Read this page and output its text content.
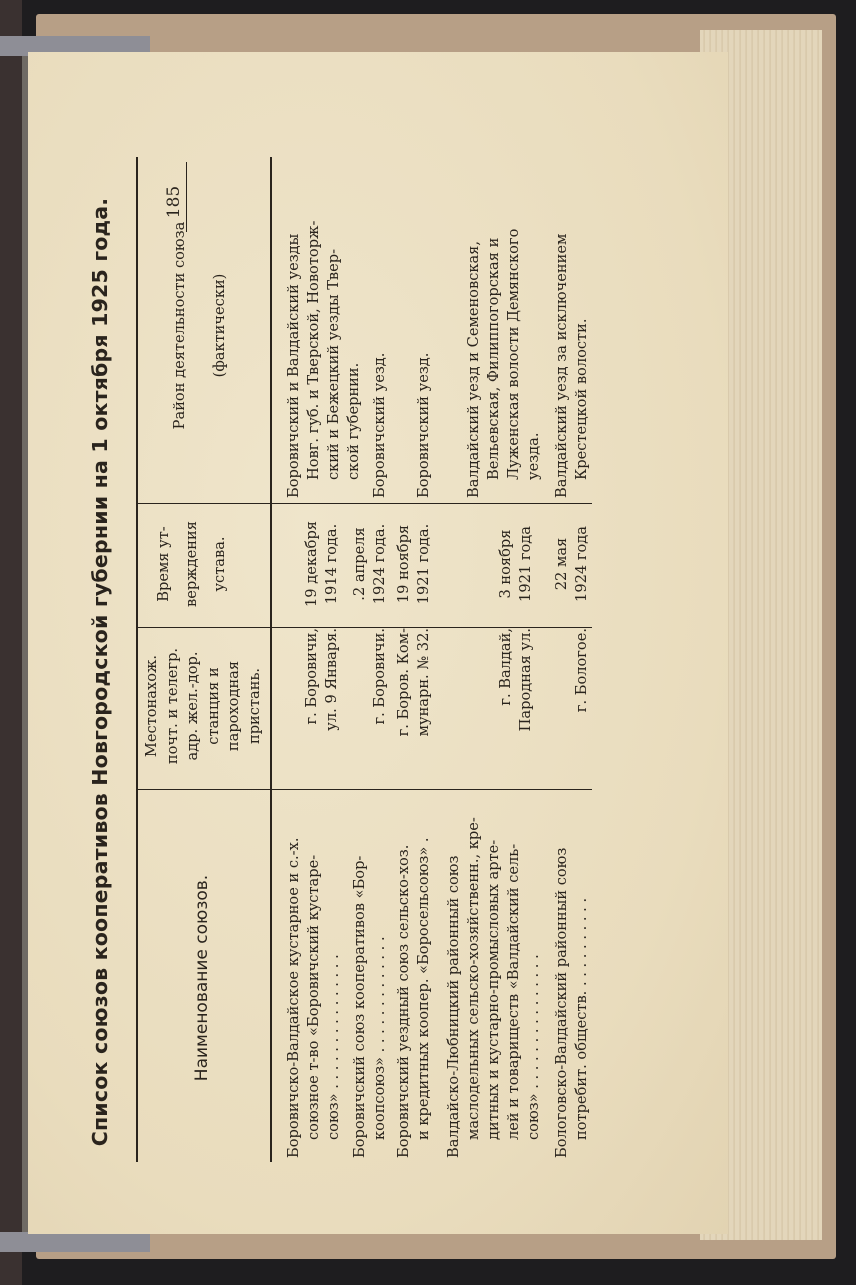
Список союзов кооперативов Новгородской губернии на 1 октября 1925 года.	185
Наименование союзов.
Местонахож. почт. и телегр. адр. жел.-дор. станция и пароходная пристань.
Время ут- верждения устава.
Район деятельности союза	(фактически)
Боровичско-Валдайское кустарное и с.-х. союзное т-во «Боровичский кустаре- союз» . . . . . . . . . . . . . . .
г. Боровичи, ул. 9 Января.
19 декабря 1914 года.
Боровичский и Валдайский уезды Новг. губ. и Тверской, Новоторж- ский и Бежецкий уезды Твер- ской губернии.
Боровичский союз кооперативов «Бор- коопсоюз» . . . . . . . . . . . . .
г. Боровичи.
.2 апреля 1924 года.
Боровичский уезд.
Боровичский уездный союз сельско-хоз. и кредитных коопер. «Боросельсоюз» .
г. Боров. Ком- мунарн. № 32.
19 ноября 1921 года.
Боровичский уезд.
Валдайско-Любницкий районный союз маслодельных сельско-хозяйственн., кре- дитных и кустарно-промысловых арте- лей и товариществ «Валдайский сель- союз» . . . . . . . . . . . . . . .
г. Валдай, Пародная ул.
3 ноября 1921 года
Валдайский уезд и Семеновская, Вельевская, Филиппогорская и Луженская волости Демянского уезда.
Бологовско-Валдайский районный союз потребит. обществ. . . . . . . . . . .
г. Бологое.
22 мая 1924 года
Валдайский уезд за исключением Крестецкой волости.
